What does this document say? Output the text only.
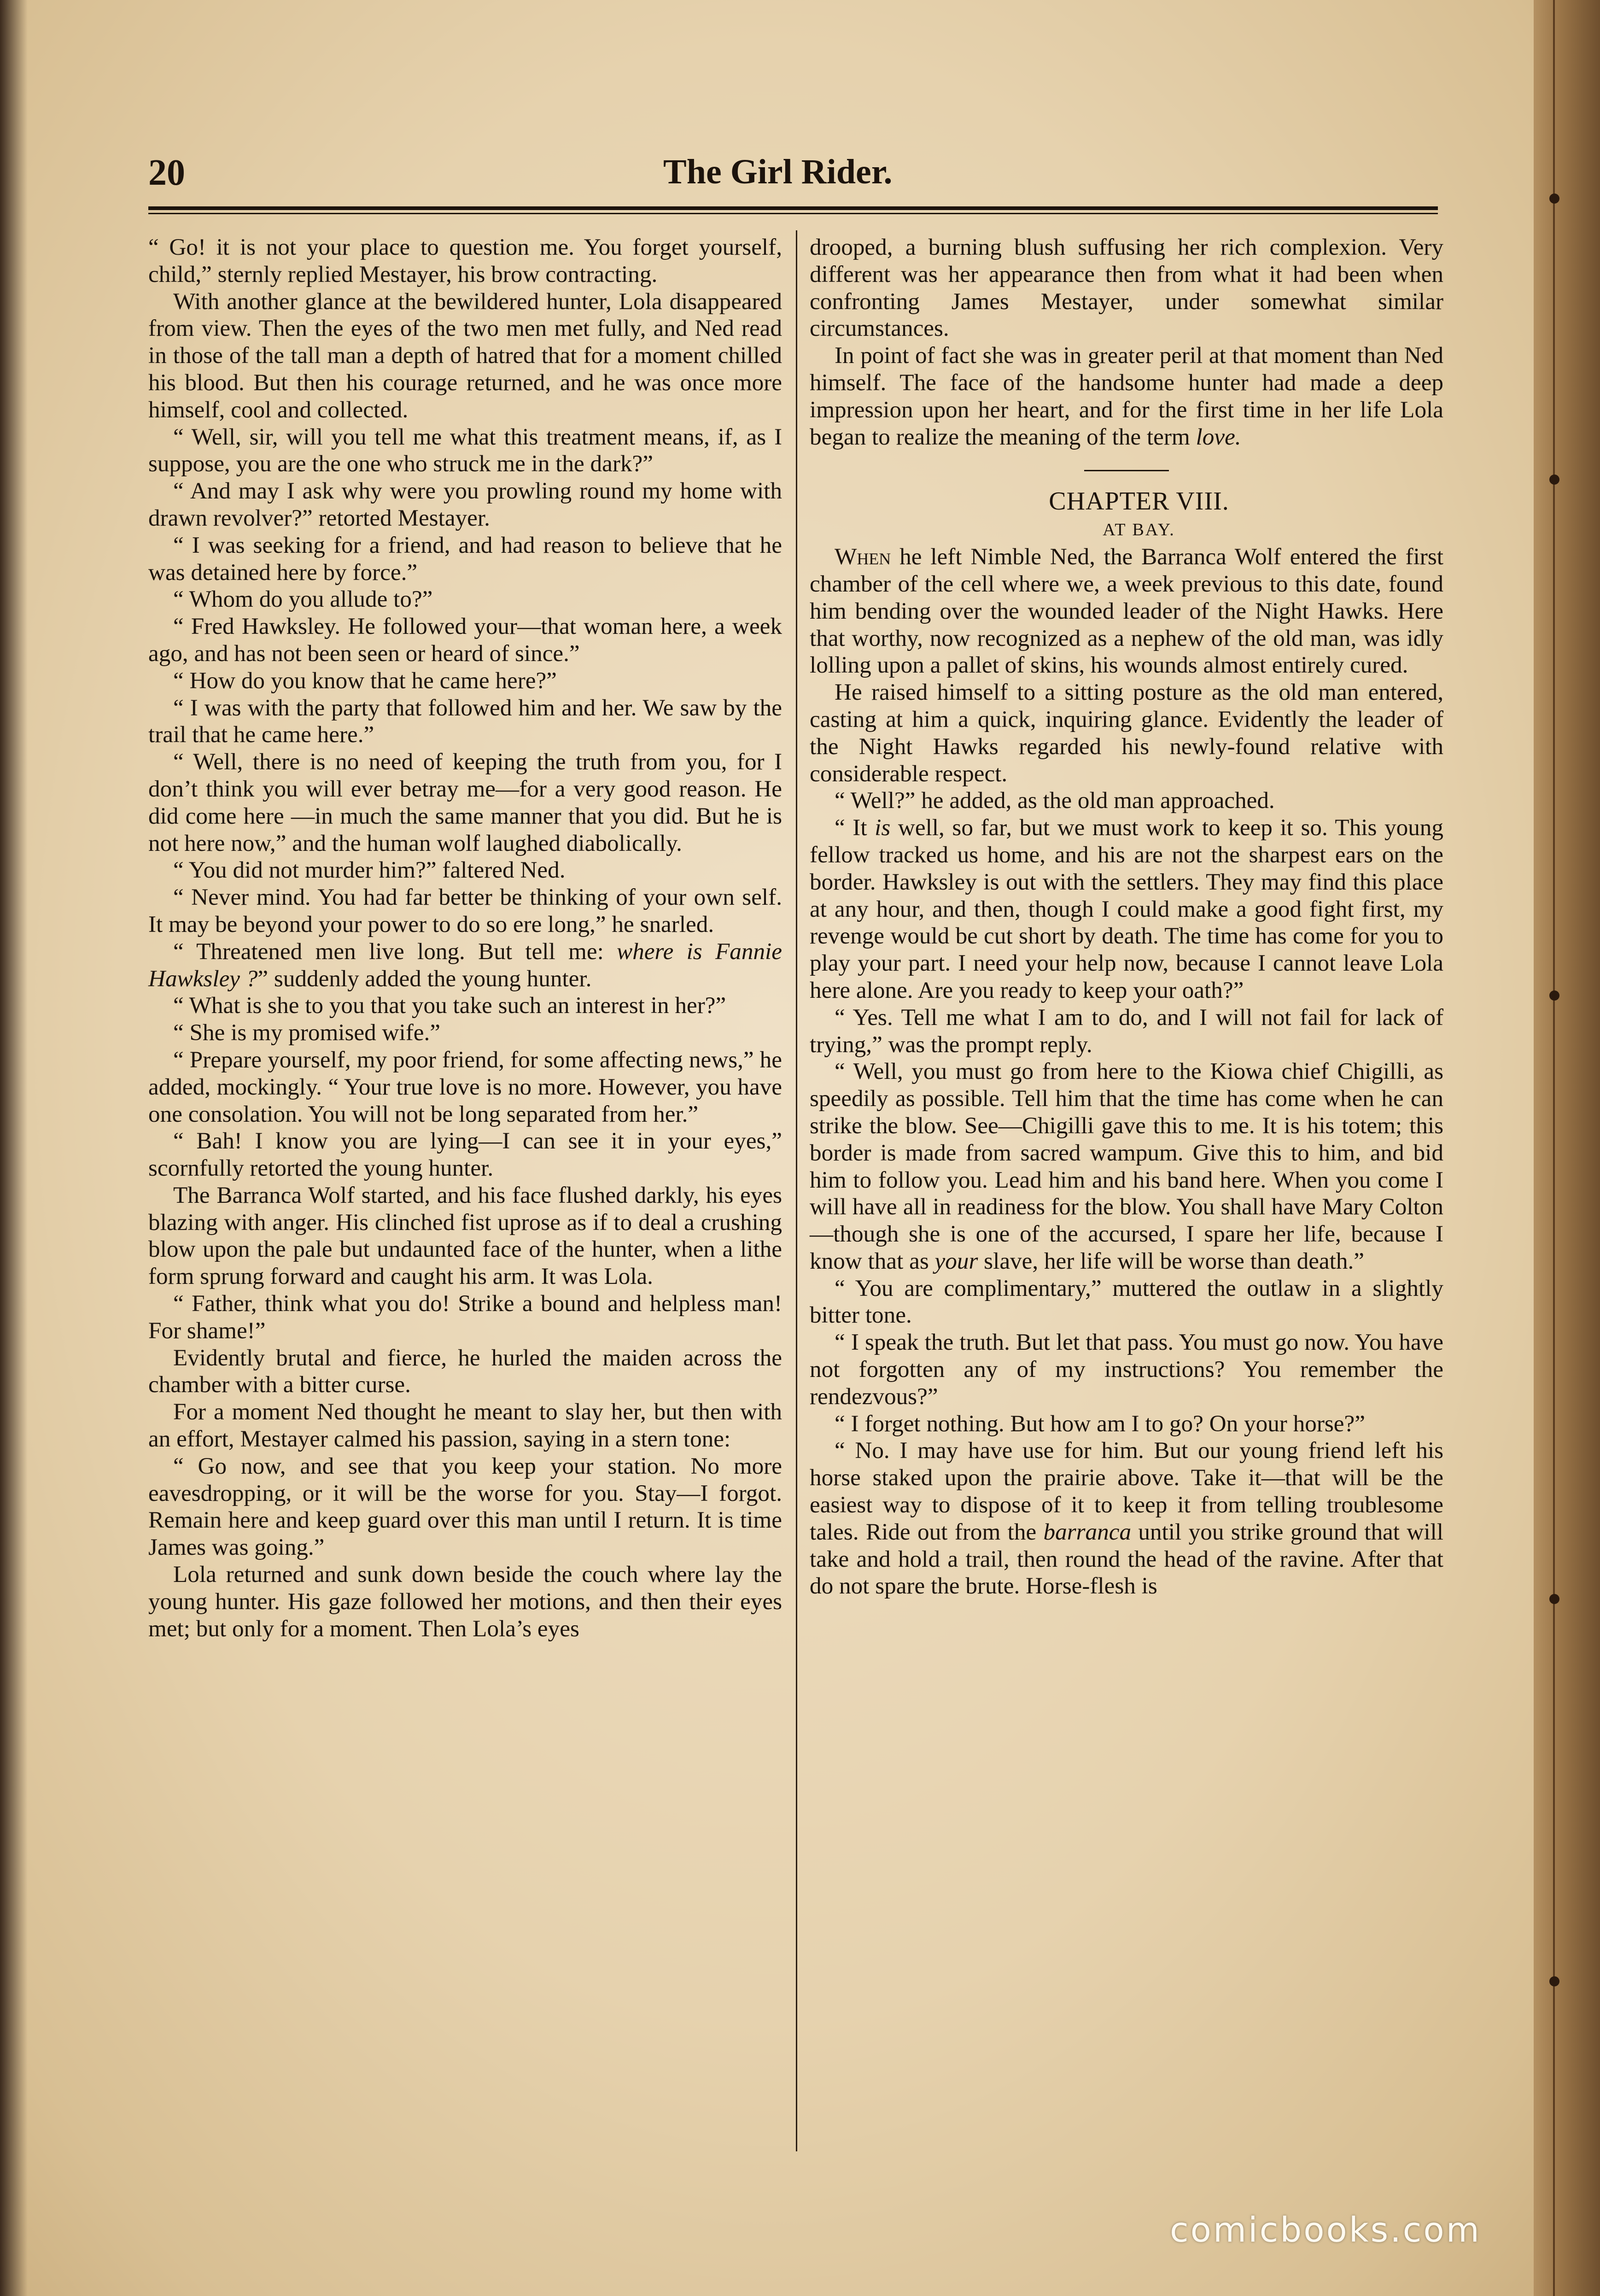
20	The Girl Rider.

“ Go! it is not your place to question me. You forget yourself, child,” sternly replied Mestayer, his brow contracting.

With another glance at the bewildered hunter, Lola disappeared from view. Then the eyes of the two men met fully, and Ned read in those of the tall man a depth of hatred that for a moment chilled his blood. But then his courage returned, and he was once more himself, cool and collected.

“ Well, sir, will you tell me what this treatment means, if, as I suppose, you are the one who struck me in the dark?”

“ And may I ask why were you prowling round my home with drawn revolver?” retorted Mestayer.

“ I was seeking for a friend, and had reason to believe that he was detained here by force.”

“ Whom do you allude to?”

“ Fred Hawksley. He followed your—that woman here, a week ago, and has not been seen or heard of since.”

“ How do you know that he came here?”

“ I was with the party that followed him and her. We saw by the trail that he came here.”

“ Well, there is no need of keeping the truth from you, for I don’t think you will ever betray me—for a very good reason. He did come here —in much the same manner that you did. But he is not here now,” and the human wolf laughed diabolically.

“ You did not murder him?” faltered Ned.

“ Never mind. You had far better be thinking of your own self. It may be beyond your power to do so ere long,” he snarled.

“ Threatened men live long. But tell me: where is Fannie Hawksley ?” suddenly added the young hunter.

“ What is she to you that you take such an interest in her?”

“ She is my promised wife.”

“ Prepare yourself, my poor friend, for some affecting news,” he added, mockingly. “ Your true love is no more. However, you have one consolation. You will not be long separated from her.”

“ Bah! I know you are lying—I can see it in your eyes,” scornfully retorted the young hunter.

The Barranca Wolf started, and his face flushed darkly, his eyes blazing with anger. His clinched fist uprose as if to deal a crushing blow upon the pale but undaunted face of the hunter, when a lithe form sprung forward and caught his arm. It was Lola.

“ Father, think what you do! Strike a bound and helpless man! For shame!”

Evidently brutal and fierce, he hurled the maiden across the chamber with a bitter curse.

For a moment Ned thought he meant to slay her, but then with an effort, Mestayer calmed his passion, saying in a stern tone:

“ Go now, and see that you keep your station. No more eavesdropping, or it will be the worse for you. Stay—I forgot. Remain here and keep guard over this man until I return. It is time James was going.”

Lola returned and sunk down beside the couch where lay the young hunter. His gaze followed her motions, and then their eyes met; but only for a moment. Then Lola’s eyes

drooped, a burning blush suffusing her rich complexion. Very different was her appearance then from what it had been when confronting James Mestayer, under somewhat similar circumstances.

In point of fact she was in greater peril at that moment than Ned himself. The face of the handsome hunter had made a deep impression upon her heart, and for the first time in her life Lola began to realize the meaning of the term love.

CHAPTER VIII.

AT BAY.

When he left Nimble Ned, the Barranca Wolf entered the first chamber of the cell where we, a week previous to this date, found him bending over the wounded leader of the Night Hawks. Here that worthy, now recognized as a nephew of the old man, was idly lolling upon a pallet of skins, his wounds almost entirely cured.

He raised himself to a sitting posture as the old man entered, casting at him a quick, inquiring glance. Evidently the leader of the Night Hawks regarded his newly-found relative with considerable respect.

“ Well?” he added, as the old man approached.

“ It is well, so far, but we must work to keep it so. This young fellow tracked us home, and his are not the sharpest ears on the border. Hawksley is out with the settlers. They may find this place at any hour, and then, though I could make a good fight first, my revenge would be cut short by death. The time has come for you to play your part. I need your help now, because I cannot leave Lola here alone. Are you ready to keep your oath?”

“ Yes. Tell me what I am to do, and I will not fail for lack of trying,” was the prompt reply.

“ Well, you must go from here to the Kiowa chief Chigilli, as speedily as possible. Tell him that the time has come when he can strike the blow. See—Chigilli gave this to me. It is his totem; this border is made from sacred wampum. Give this to him, and bid him to follow you. Lead him and his band here. When you come I will have all in readiness for the blow. You shall have Mary Colton—though she is one of the accursed, I spare her life, because I know that as your slave, her life will be worse than death.”

“ You are complimentary,” muttered the outlaw in a slightly bitter tone.

“ I speak the truth. But let that pass. You must go now. You have not forgotten any of my instructions? You remember the rendezvous?”

“ I forget nothing. But how am I to go? On your horse?”

“ No. I may have use for him. But our young friend left his horse staked upon the prairie above. Take it—that will be the easiest way to dispose of it to keep it from telling troublesome tales. Ride out from the barranca until you strike ground that will take and hold a trail, then round the head of the ravine. After that do not spare the brute. Horse-flesh is

comicbooks.com
